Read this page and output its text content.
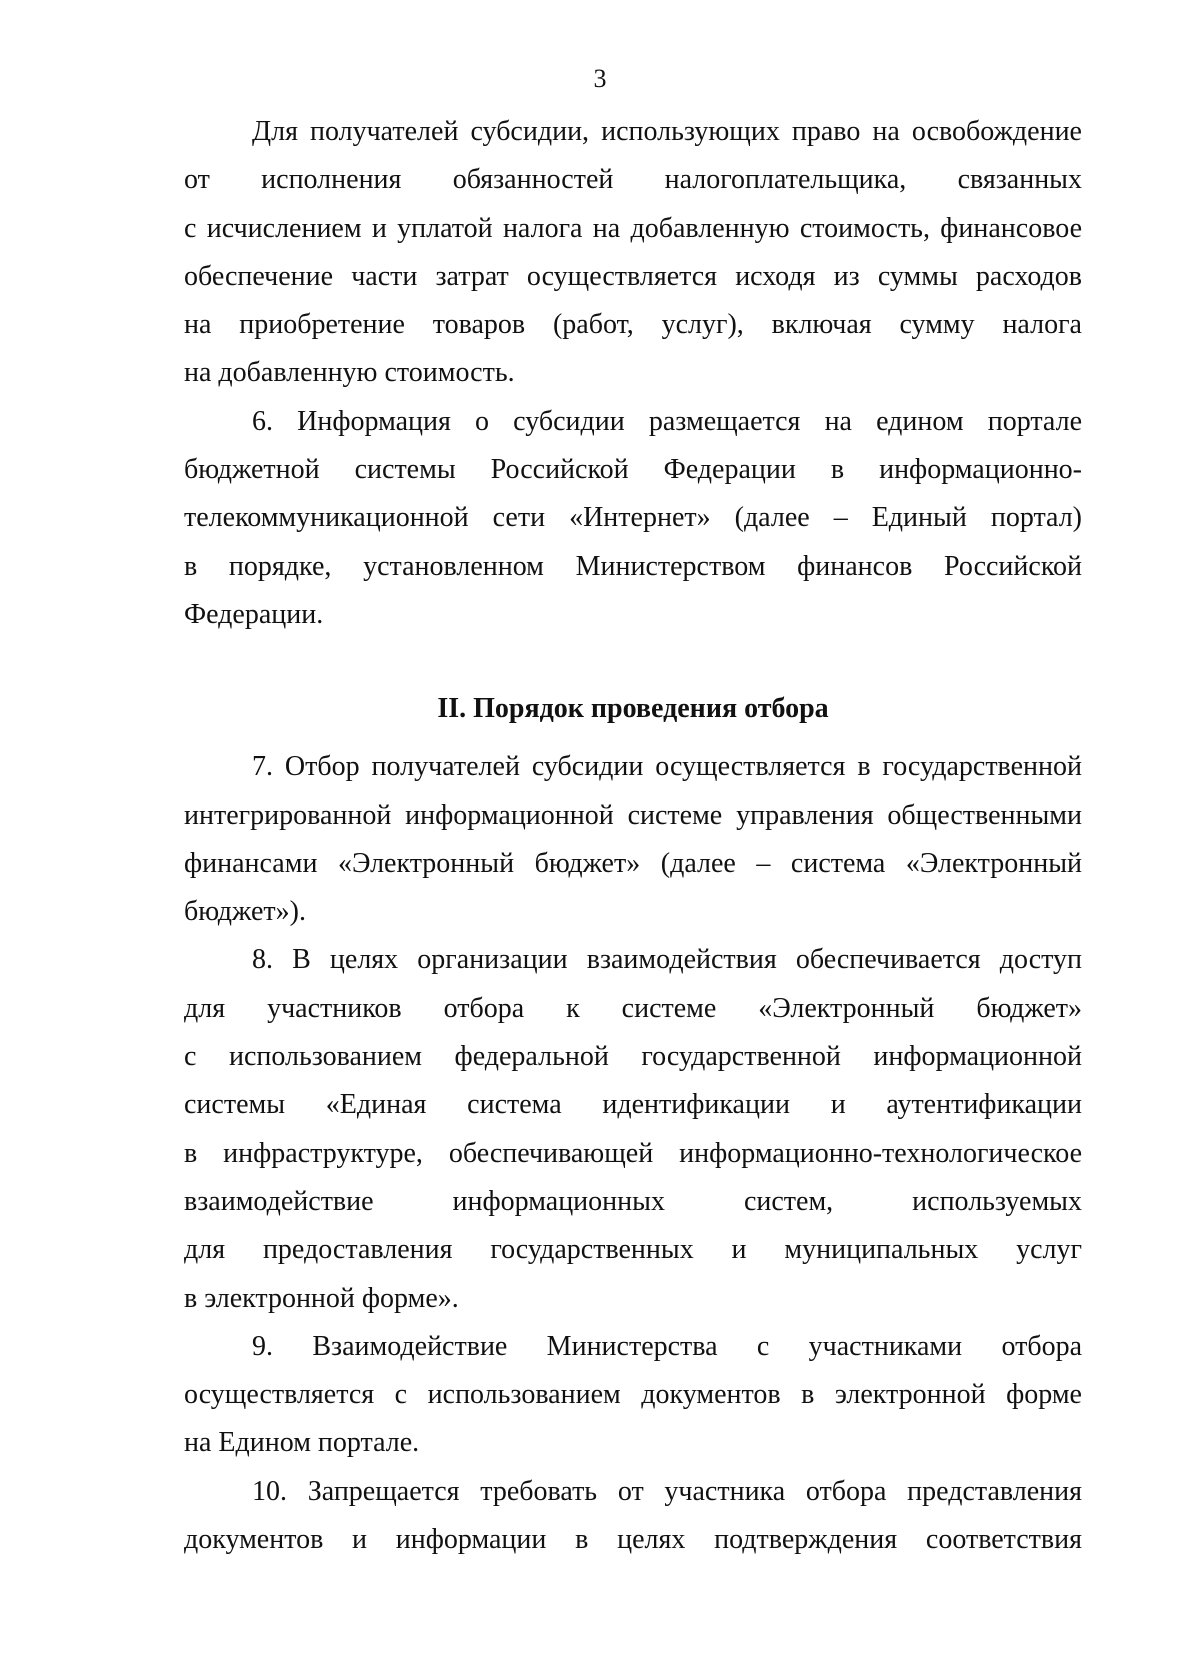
3
Для получателей субсидии, использующих право на освобождение
от исполнения обязанностей налогоплательщика, связанных
с исчислением и уплатой налога на добавленную стоимость, финансовое
обеспечение части затрат осуществляется исходя из суммы расходов
на приобретение товаров (работ, услуг), включая сумму налога
на добавленную стоимость.
6. Информация о субсидии размещается на едином портале
бюджетной системы Российской Федерации в информационно-
телекоммуникационной сети «Интернет» (далее – Единый портал)
в порядке, установленном Министерством финансов Российской
Федерации.
II. Порядок проведения отбора
7. Отбор получателей субсидии осуществляется в государственной
интегрированной информационной системе управления общественными
финансами «Электронный бюджет» (далее – система «Электронный
бюджет»).
8. В целях организации взаимодействия обеспечивается доступ
для участников отбора к системе «Электронный бюджет»
с использованием федеральной государственной информационной
системы «Единая система идентификации и аутентификации
в инфраструктуре, обеспечивающей информационно-технологическое
взаимодействие информационных систем, используемых
для предоставления государственных и муниципальных услуг
в электронной форме».
9. Взаимодействие Министерства с участниками отбора
осуществляется с использованием документов в электронной форме
на Едином портале.
10. Запрещается требовать от участника отбора представления
документов и информации в целях подтверждения соответствия
